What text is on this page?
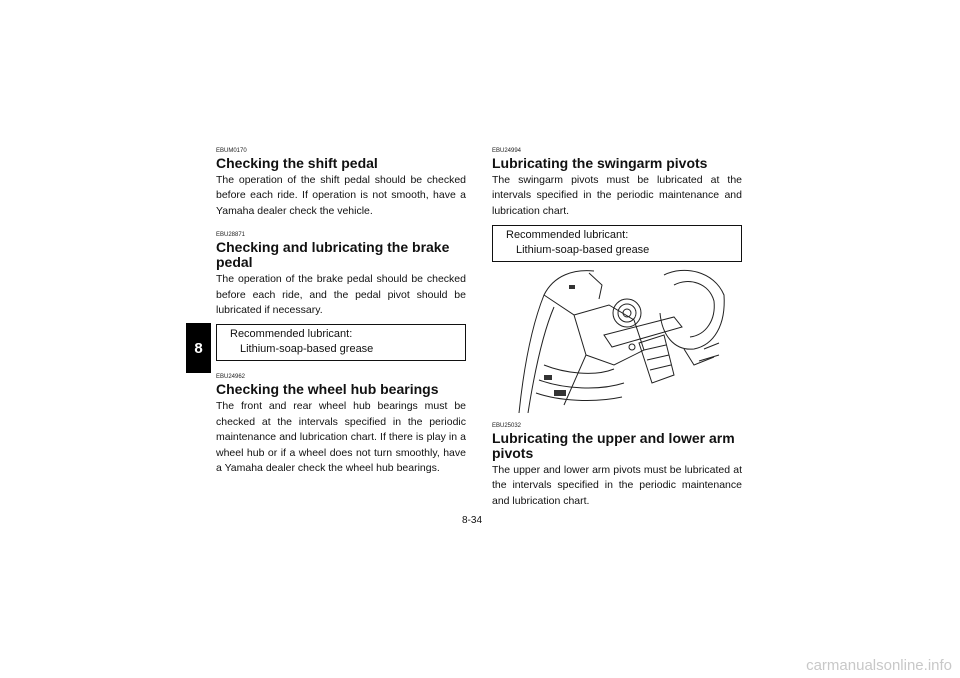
8

EBUM0170

Checking the shift pedal

The operation of the shift pedal should be checked before each ride. If operation is not smooth, have a Yamaha dealer check the vehicle.

EBU28871

Checking and lubricating the brake pedal

The operation of the brake pedal should be checked before each ride, and the pedal pivot should be lubricated if necessary.

Recommended lubricant:
Lithium-soap-based grease

EBU24962

Checking the wheel hub bearings

The front and rear wheel hub bearings must be checked at the intervals specified in the periodic maintenance and lubrication chart. If there is play in a wheel hub or if a wheel does not turn smoothly, have a Yamaha dealer check the wheel hub bearings.

EBU24994

Lubricating the swingarm pivots

The swingarm pivots must be lubricated at the intervals specified in the periodic maintenance and lubrication chart.

Recommended lubricant:
Lithium-soap-based grease

EBU25032

Lubricating the upper and lower arm pivots

The upper and lower arm pivots must be lubricated at the intervals specified in the periodic maintenance and lubrication chart.

8-34
carmanualsonline.info
